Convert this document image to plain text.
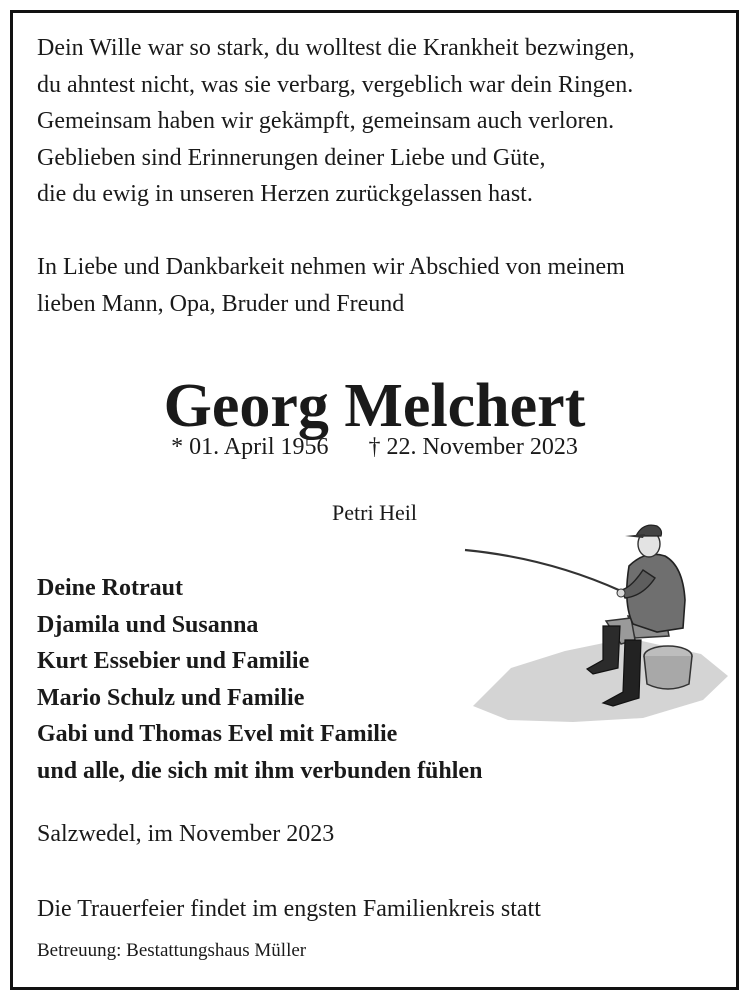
Dein Wille war so stark, du wolltest die Krankheit bezwingen,
du ahntest nicht, was sie verbarg, vergeblich war dein Ringen.
Gemeinsam haben wir gekämpft, gemeinsam auch verloren.
Geblieben sind Erinnerungen deiner Liebe und Güte,
die du ewig in unseren Herzen zurückgelassen hast.
In Liebe und Dankbarkeit nehmen wir Abschied von meinem
lieben Mann, Opa, Bruder und Freund
Georg Melchert
* 01. April 1956 † 22. November 2023
Petri Heil
Deine Rotraut
Djamila und Susanna
Kurt Essebier und Familie
Mario Schulz und Familie
Gabi und Thomas Evel mit Familie
und alle, die sich mit ihm verbunden fühlen
Salzwedel, im November 2023
Die Trauerfeier findet im engsten Familienkreis statt
Betreuung: Bestattungshaus Müller
